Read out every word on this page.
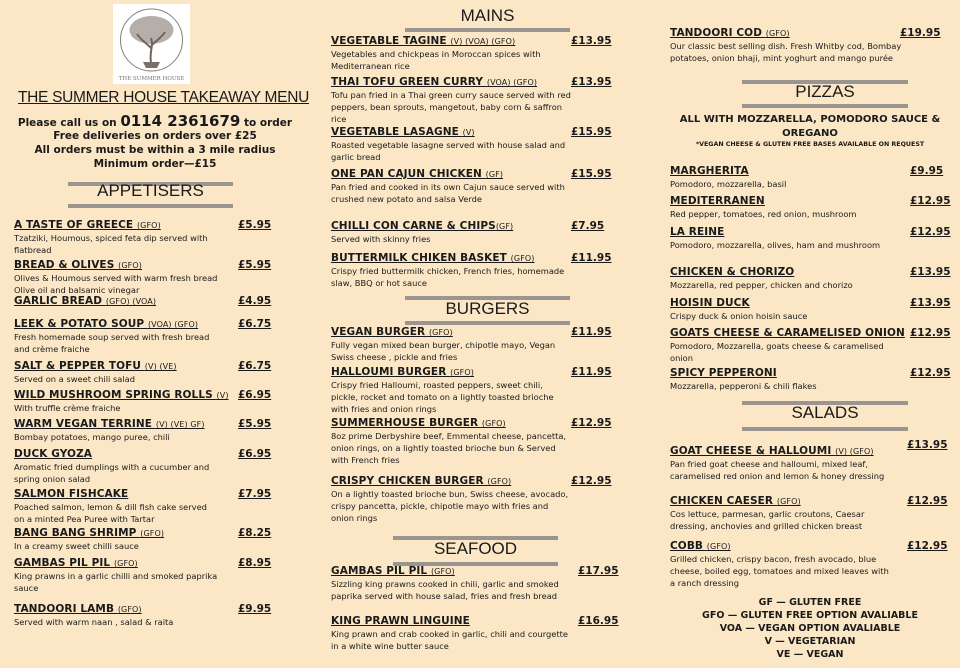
THE SUMMER HOUSE
THE SUMMER HOUSE TAKEAWAY MENU
Please call us on 0114 2361679 to order
Free deliveries on orders over £25
All orders must be within a 3 mile radius
Minimum order—£15
*VEGAN CHEESE & GLUTEN FREE BASES AVAILABLE ON REQUEST
ALL WITH MOZZARELLA, POMODORO SAUCE & OREGANO
GF — GLUTEN FREE
GFO — GLUTEN FREE OPTION AVALIABLE
VOA — VEGAN OPTION AVALIABLE
V — VEGETARIAN
VE — VEGAN
APPETISERS
MAINS
BURGERS
SEAFOOD
PIZZAS
SALADS
A TASTE OF GREECE (GFO)
Tzatziki, Houmous, spiced feta dip served with flatbread
£5.95
BREAD & OLIVES (GFO)
Olives & Houmous served with warm fresh bread Olive oil and balsamic vinegar
£5.95
GARLIC BREAD (GFO) (VOA)	£4.95
LEEK & POTATO SOUP (VOA) (GFO)
Fresh homemade soup served with fresh bread and crème fraiche
£6.75
SALT & PEPPER TOFU (V) (VE)
Served on a sweet chili salad
£6.75
WILD MUSHROOM SPRING ROLLS (V)
With truffle crème fraiche
£6.95
WARM VEGAN TERRINE (V) (VE) GF)
Bombay potatoes, mango puree, chili
£5.95
DUCK GYOZA
Aromatic fried dumplings with a cucumber and spring onion salad
£6.95
SALMON FISHCAKE
Poached salmon, lemon & dill fish cake served on a minted Pea Puree with Tartar
£7.95
BANG BANG SHRIMP (GFO)
In a creamy sweet chilli sauce
£8.25
GAMBAS PIL PIL (GFO)
King prawns in a garlic chilli and smoked paprika sauce
£8.95
TANDOORI LAMB (GFO)
Served with warm naan , salad & raita
£9.95
VEGETABLE TAGINE (V) (VOA) (GFO)
Vegetables and chickpeas in Moroccan spices with Mediterranean rice
£13.95
THAI TOFU GREEN CURRY (VOA) (GFO)
Tofu pan fried in a Thai green curry sauce served with red peppers, bean sprouts, mangetout, baby corn & saffron rice
£13.95
VEGETABLE LASAGNE (V)
Roasted vegetable lasagne served with house salad and garlic bread
£15.95
ONE PAN CAJUN CHICKEN (GF)
Pan fried and cooked in its own Cajun sauce served with crushed new potato and salsa Verde
£15.95
CHILLI CON CARNE & CHIPS(GF)
Served with skinny fries
£7.95
BUTTERMILK CHIKEN BASKET (GFO)
Crispy fried buttermilk chicken, French fries, homemade slaw, BBQ or hot sauce
£11.95
VEGAN BURGER (GFO)
Fully vegan mixed bean burger, chipotle mayo, Vegan Swiss cheese , pickle and fries
£11.95
HALLOUMI BURGER (GFO)
Crispy fried Halloumi, roasted peppers, sweet chili, pickle, rocket and tomato on a lightly toasted brioche with fries and onion rings
£11.95
SUMMERHOUSE BURGER (GFO)
8oz prime Derbyshire beef, Emmental cheese, pancetta, onion rings, on a lightly toasted brioche bun & Served with French fries
£12.95
CRISPY CHICKEN BURGER (GFO)
On a lightly toasted brioche bun, Swiss cheese, avocado, crispy pancetta, pickle, chipotle mayo with fries and onion rings
£12.95
GAMBAS PIL PIL (GFO)
Sizzling king prawns cooked in chili, garlic and smoked paprika served with house salad, fries and fresh bread
£17.95
KING PRAWN LINGUINE
King prawn and crab cooked in garlic, chili and courgette in a white wine butter sauce
£16.95
TANDOORI COD (GFO)
Our classic best selling dish. Fresh Whitby cod, Bombay potatoes, onion bhaji, mint yoghurt and mango purée
£19.95
MARGHERITA
Pomodoro, mozzarella, basil
£9.95
MEDITERRANEN
Red pepper, tomatoes, red onion, mushroom
£12.95
LA REINE
Pomodoro, mozzarella, olives, ham and mushroom
£12.95
CHICKEN & CHORIZO
Mozzarella, red pepper, chicken and chorizo
£13.95
HOISIN DUCK
Crispy duck & onion hoisin sauce
£13.95
GOATS CHEESE & CARAMELISED ONION
Pomodoro, Mozzarella, goats cheese & caramelised onion
£12.95
SPICY PEPPERONI
Mozzarella, pepperoni & chili flakes
£12.95
GOAT CHEESE & HALLOUMI (V) (GFO)
Pan fried goat cheese and halloumi, mixed leaf, caramelised red onion and lemon & honey dressing
£13.95
CHICKEN CAESER (GFO)
Cos lettuce, parmesan, garlic croutons, Caesar dressing, anchovies and grilled chicken breast
£12.95
COBB (GFO)
Grilled chicken, crispy bacon, fresh avocado, blue cheese, boiled egg, tomatoes and mixed leaves with a ranch dressing
£12.95
